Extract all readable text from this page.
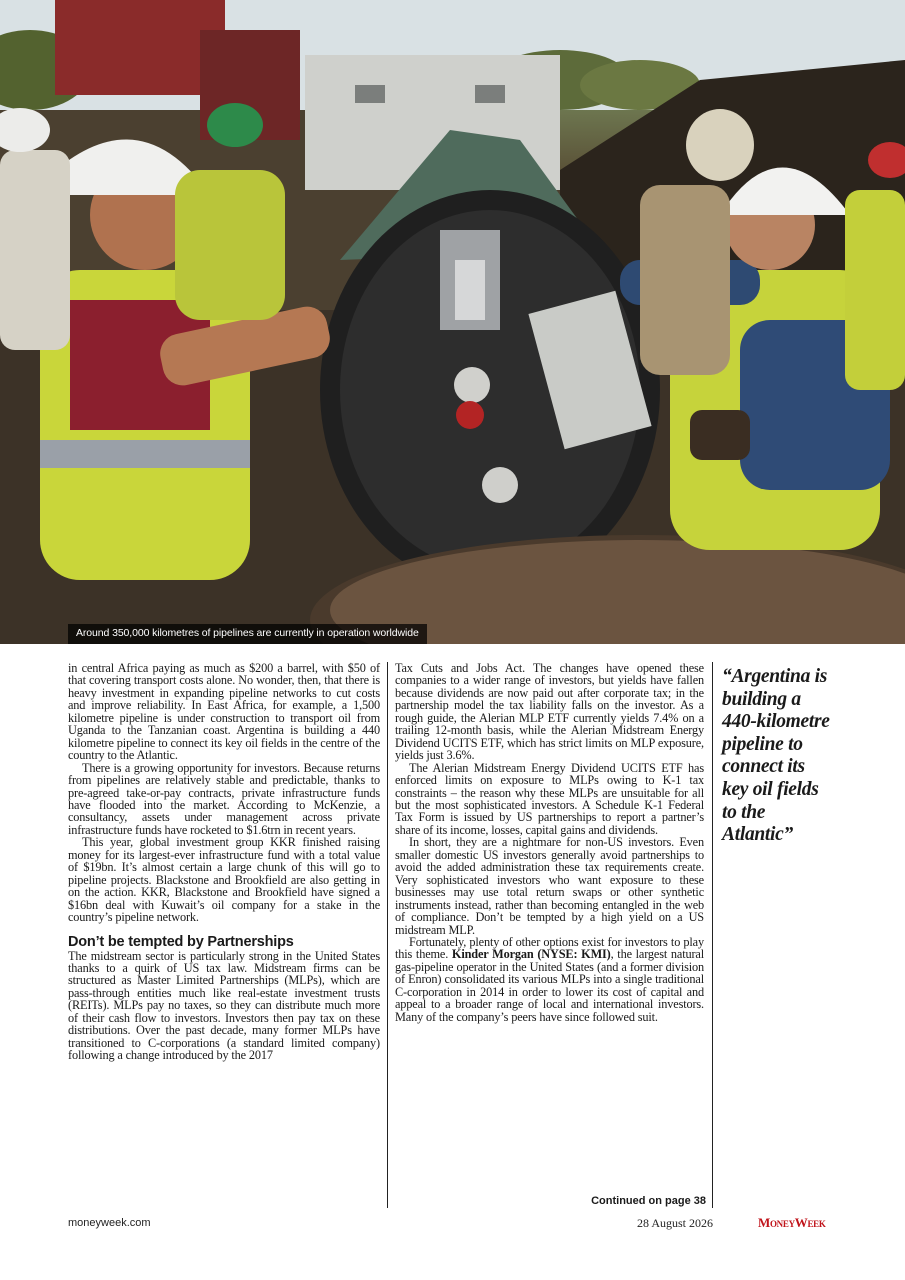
Around 350,000 kilometres of pipelines are currently in operation worldwide

in central Africa paying as much as $200 a barrel, with $50 of that covering transport costs alone. No wonder, then, that there is heavy investment in expanding pipeline networks to cut costs and improve reliability. In East Africa, for example, a 1,500 kilometre pipeline is under construction to transport oil from Uganda to the Tanzanian coast. Argentina is building a 440 kilometre pipeline to connect its key oil fields in the centre of the country to the Atlantic.

There is a growing opportunity for investors. Because returns from pipelines are relatively stable and predictable, thanks to pre-agreed take-or-pay contracts, private infrastructure funds have flooded into the market. According to McKenzie, a consultancy, assets under management across private infrastructure funds have rocketed to $1.6trn in recent years.

This year, global investment group KKR finished raising money for its largest-ever infrastructure fund with a total value of $19bn. It’s almost certain a large chunk of this will go to pipeline projects. Blackstone and Brookfield are also getting in on the action. KKR, Blackstone and Brookfield have signed a $16bn deal with Kuwait’s oil company for a stake in the country’s pipeline network.

Don’t be tempted by Partnerships

The midstream sector is particularly strong in the United States thanks to a quirk of US tax law. Midstream firms can be structured as Master Limited Partnerships (MLPs), which are pass-through entities much like real-estate investment trusts (REITs). MLPs pay no taxes, so they can distribute much more of their cash flow to investors. Investors then pay tax on these distributions. Over the past decade, many former MLPs have transitioned to C-corporations (a standard limited company) following a change introduced by the 2017

Tax Cuts and Jobs Act. The changes have opened these companies to a wider range of investors, but yields have fallen because dividends are now paid out after corporate tax; in the partnership model the tax liability falls on the investor. As a rough guide, the Alerian MLP ETF currently yields 7.4% on a trailing 12-month basis, while the Alerian Midstream Energy Dividend UCITS ETF, which has strict limits on MLP exposure, yields just 3.6%.

The Alerian Midstream Energy Dividend UCITS ETF has enforced limits on exposure to MLPs owing to K-1 tax constraints – the reason why these MLPs are unsuitable for all but the most sophisticated investors. A Schedule K-1 Federal Tax Form is issued by US partnerships to report a partner’s share of its income, losses, capital gains and dividends.

In short, they are a nightmare for non-US investors. Even smaller domestic US investors generally avoid partnerships to avoid the added administration these tax requirements create. Very sophisticated investors who want exposure to these businesses may use total return swaps or other synthetic instruments instead, rather than becoming entangled in the web of compliance. Don’t be tempted by a high yield on a US midstream MLP.

Fortunately, plenty of other options exist for investors to play this theme. Kinder Morgan (NYSE: KMI), the largest natural gas-pipeline operator in the United States (and a former division of Enron) consolidated its various MLPs into a single traditional C-corporation in 2014 in order to lower its cost of capital and appeal to a broader range of local and international investors. Many of the company’s peers have since followed suit.

“Argentina is building a 440-kilometre pipeline to connect its key oil fields to the Atlantic”
Continued on page 38
moneyweek.com	28 August 2026	MoneyWeek
